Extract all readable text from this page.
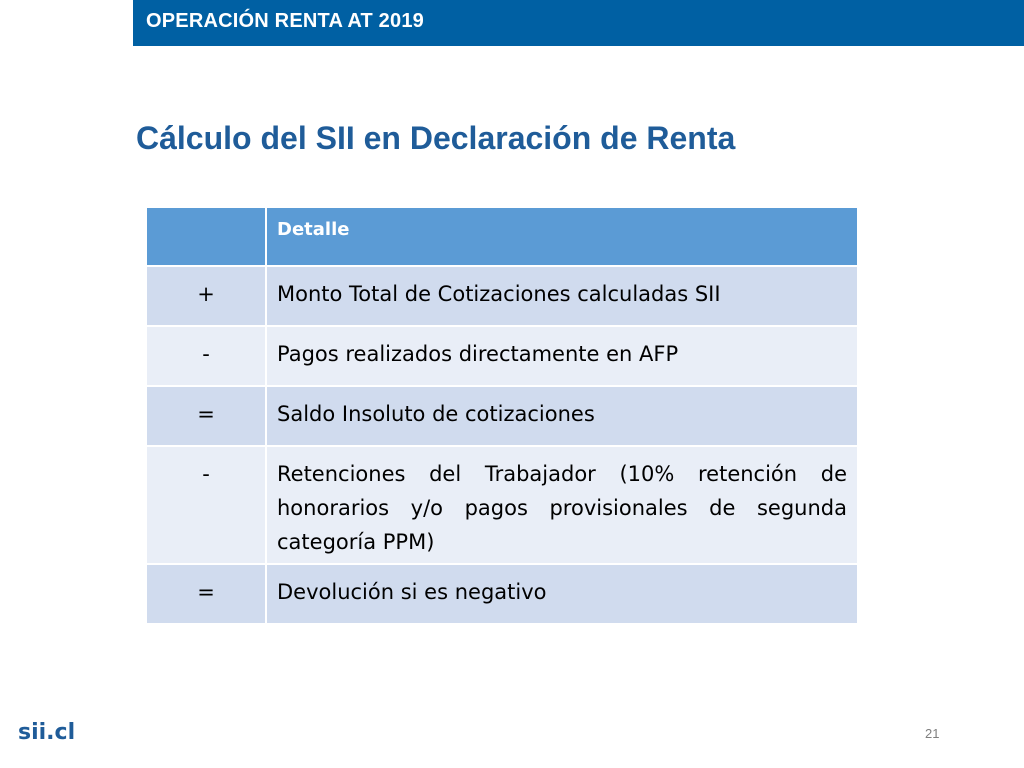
OPERACIÓN RENTA AT 2019
Cálculo del SII en Declaración de Renta

	Detalle

+	Monto Total de Cotizaciones calculadas SII

-	Pagos realizados directamente en AFP

=	Saldo Insoluto de cotizaciones

-	Retenciones del Trabajador (10% retención de honorarios y/o pagos provisionales de segunda categoría PPM)

=	Devolución si es negativo
sii.cl	21
